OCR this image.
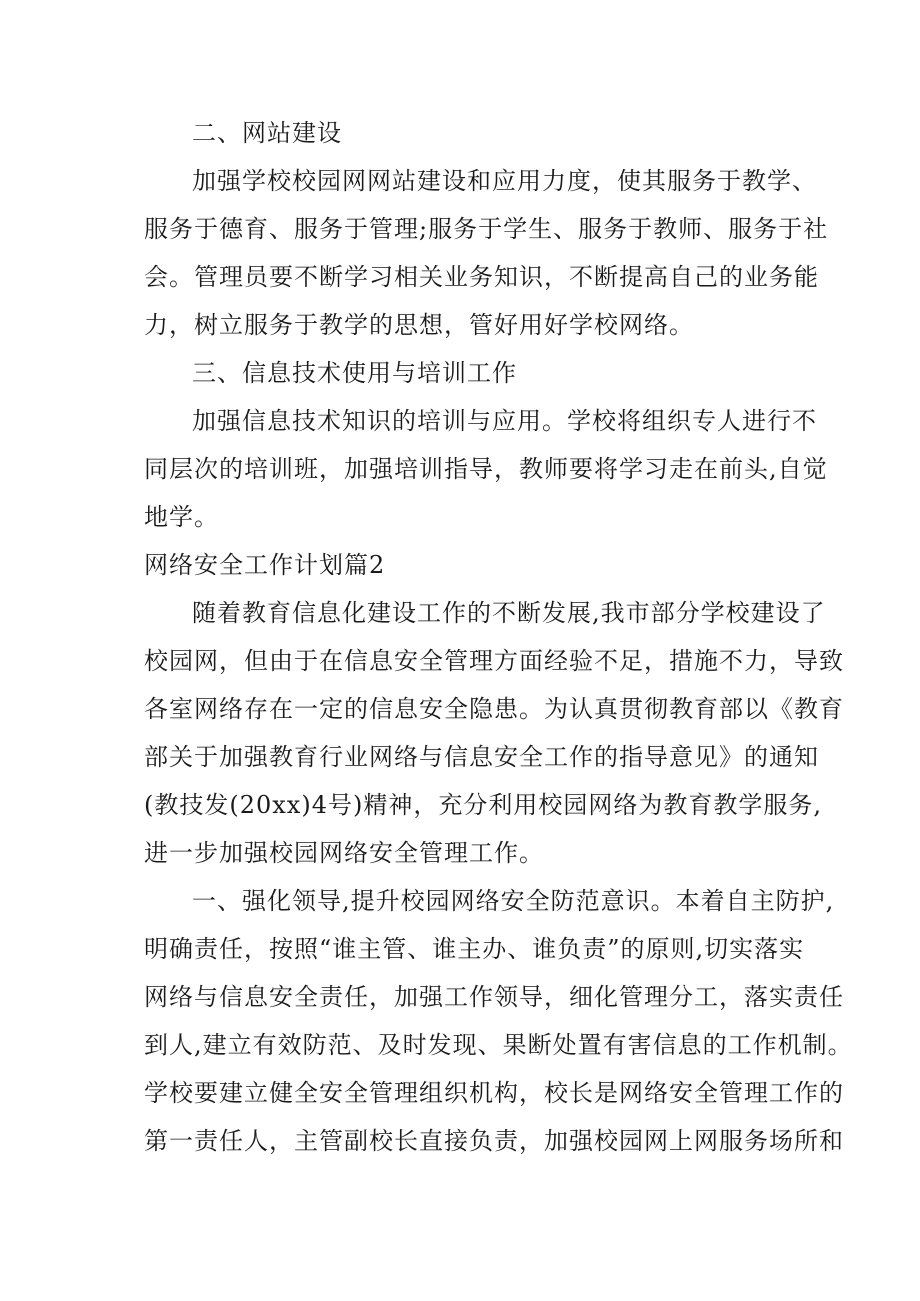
二、网站建设
加强学校校园网网站建设和应用力度，使其服务于教学、
服务于德育、服务于管理;服务于学生、服务于教师、服务于社
会。管理员要不断学习相关业务知识，不断提高自己的业务能
力，树立服务于教学的思想，管好用好学校网络。
三、信息技术使用与培训工作
加强信息技术知识的培训与应用。学校将组织专人进行不
同层次的培训班，加强培训指导，教师要将学习走在前头,自觉
地学。
网络安全工作计划篇2
随着教育信息化建设工作的不断发展,我市部分学校建设了
校园网，但由于在信息安全管理方面经验不足，措施不力，导致
各室网络存在一定的信息安全隐患。为认真贯彻教育部以《教育
部关于加强教育行业网络与信息安全工作的指导意见》的通知
(教技发(20xx)4号)精神，充分利用校园网络为教育教学服务,
进一步加强校园网络安全管理工作。
一、强化领导,提升校园网络安全防范意识。本着自主防护,
明确责任，按照“谁主管、谁主办、谁负责”的原则,切实落实
网络与信息安全责任，加强工作领导，细化管理分工，落实责任
到人,建立有效防范、及时发现、果断处置有害信息的工作机制。
学校要建立健全安全管理组织机构，校长是网络安全管理工作的
第一责任人，主管副校长直接负责，加强校园网上网服务场所和
